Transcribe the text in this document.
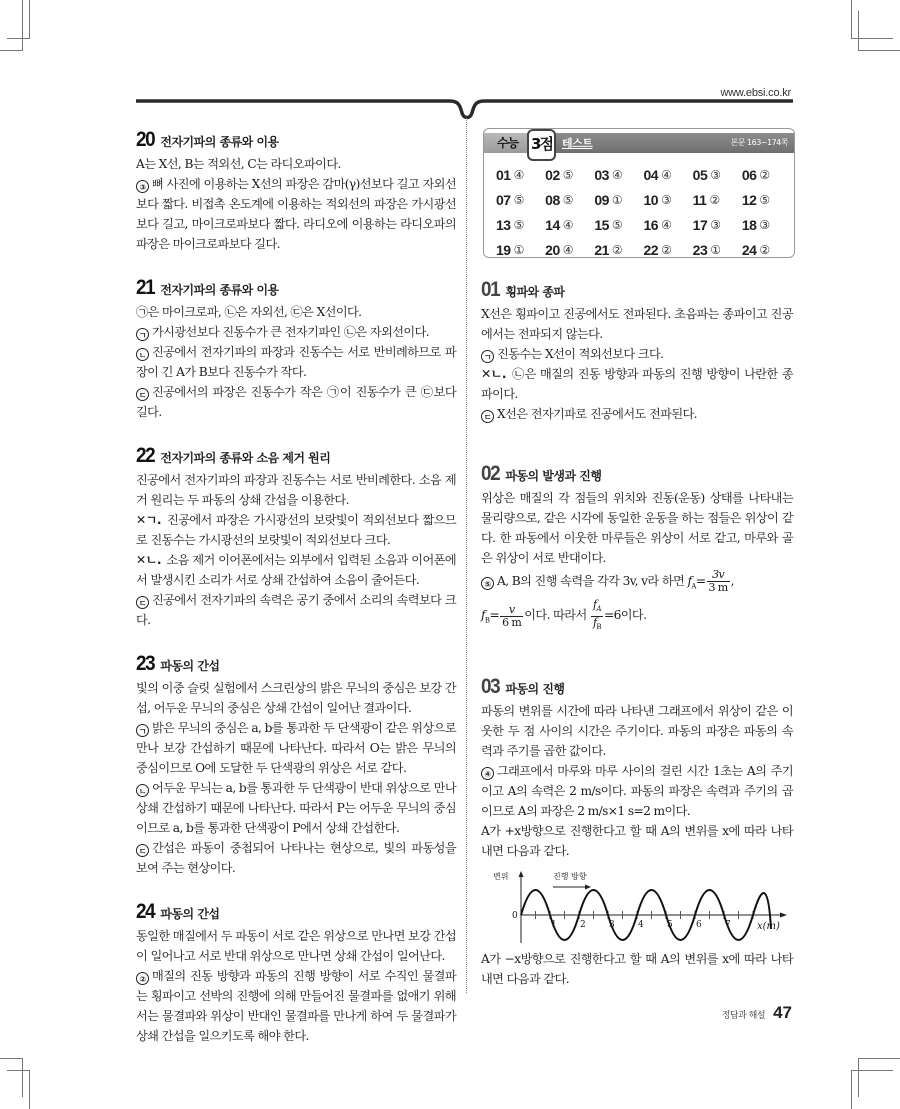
www.ebsi.co.kr
20 전자기파의 종류와 이용

A는 X선, B는 적외선, C는 라디오파이다.

③ 뼈 사진에 이용하는 X선의 파장은 감마(γ)선보다 길고 자외선보다 짧다. 비접촉 온도계에 이용하는 적외선의 파장은 가시광선보다 길고, 마이크로파보다 짧다. 라디오에 이용하는 라디오파의 파장은 마이크로파보다 길다.

21 전자기파의 종류와 이용

㉠은 마이크로파, ㉡은 자외선, ㉢은 X선이다.

ㄱ 가시광선보다 진동수가 큰 전자기파인 ㉡은 자외선이다.

ㄴ 진공에서 전자기파의 파장과 진동수는 서로 반비례하므로 파장이 긴 A가 B보다 진동수가 작다.

ㄷ 진공에서의 파장은 진동수가 작은 ㉠이 진동수가 큰 ㉢보다 길다.

22 전자기파의 종류와 소음 제거 원리

진공에서 전자기파의 파장과 진동수는 서로 반비례한다. 소음 제거 원리는 두 파동의 상쇄 간섭을 이용한다.

✕ㄱ. 진공에서 파장은 가시광선의 보랏빛이 적외선보다 짧으므로 진동수는 가시광선의 보랏빛이 적외선보다 크다.

✕ㄴ. 소음 제거 이어폰에서는 외부에서 입력된 소음과 이어폰에서 발생시킨 소리가 서로 상쇄 간섭하여 소음이 줄어든다.

ㄷ 진공에서 전자기파의 속력은 공기 중에서 소리의 속력보다 크다.

23 파동의 간섭

빛의 이중 슬릿 실험에서 스크린상의 밝은 무늬의 중심은 보강 간섭, 어두운 무늬의 중심은 상쇄 간섭이 일어난 결과이다.

ㄱ 밝은 무늬의 중심은 a, b를 통과한 두 단색광이 같은 위상으로 만나 보강 간섭하기 때문에 나타난다. 따라서 O는 밝은 무늬의 중심이므로 O에 도달한 두 단색광의 위상은 서로 같다.

ㄴ 어두운 무늬는 a, b를 통과한 두 단색광이 반대 위상으로 만나 상쇄 간섭하기 때문에 나타난다. 따라서 P는 어두운 무늬의 중심이므로 a, b를 통과한 단색광이 P에서 상쇄 간섭한다.

ㄷ 간섭은 파동이 중첩되어 나타나는 현상으로, 빛의 파동성을 보여 주는 현상이다.

24 파동의 간섭

동일한 매질에서 두 파동이 서로 같은 위상으로 만나면 보강 간섭이 일어나고 서로 반대 위상으로 만나면 상쇄 간섭이 일어난다.

② 매질의 진동 방향과 파동의 진행 방향이 서로 수직인 물결파는 횡파이고 선박의 진행에 의해 만들어진 물결파를 없애기 위해서는 물결파와 위상이 반대인 물결파를 만나게 하여 두 물결파가 상쇄 간섭을 일으키도록 해야 한다.

수능 3점 테스트	본문 163~174쪽
01 ④ 02 ⑤ 03 ④ 04 ④ 05 ③ 06 ②
07 ⑤ 08 ⑤ 09 ① 10 ③ 11 ② 12 ⑤
13 ⑤ 14 ④ 15 ⑤ 16 ④ 17 ③ 18 ③
19 ① 20 ④ 21 ② 22 ② 23 ① 24 ②
01 횡파와 종파

X선은 횡파이고 진공에서도 전파된다. 초음파는 종파이고 진공에서는 전파되지 않는다.

ㄱ 진동수는 X선이 적외선보다 크다.

✕ㄴ. ㉡은 매질의 진동 방향과 파동의 진행 방향이 나란한 종파이다.

ㄷ X선은 전자기파로 진공에서도 전파된다.

02 파동의 발생과 진행

위상은 매질의 각 점들의 위치와 진동(운동) 상태를 나타내는 물리량으로, 같은 시각에 동일한 운동을 하는 점들은 위상이 같다. 한 파동에서 이웃한 마루들은 위상이 서로 같고, 마루와 골은 위상이 서로 반대이다.

⑤ A, B의 진행 속력을 각각 3v, v라 하면 $f_A= \frac{3v}{3 m}$ ,

$f_B= \frac{v}{6 m}$ 이다. 따라서 $\frac{f_A}{f_B} =6$이다.

03 파동의 진행

파동의 변위를 시간에 따라 나타낸 그래프에서 위상이 같은 이웃한 두 점 사이의 시간은 주기이다. 파동의 파장은 파동의 속력과 주기를 곱한 값이다.

④ 그래프에서 마루와 마루 사이의 걸린 시간 1초는 A의 주기이고 A의 속력은 2 m/s이다. 파동의 파장은 속력과 주기의 곱이므로 A의 파장은 2 m/s×1 s=2 m이다.

A가 +x방향으로 진행한다고 할 때 A의 변위를 x에 따라 나타내면 다음과 같다.

변위	진행 방향
0
1	2	3	4	5	6	7	x(m)

A가 −x방향으로 진행한다고 할 때 A의 변위를 x에 따라 나타내면 다음과 같다.

정답과 해설 47
